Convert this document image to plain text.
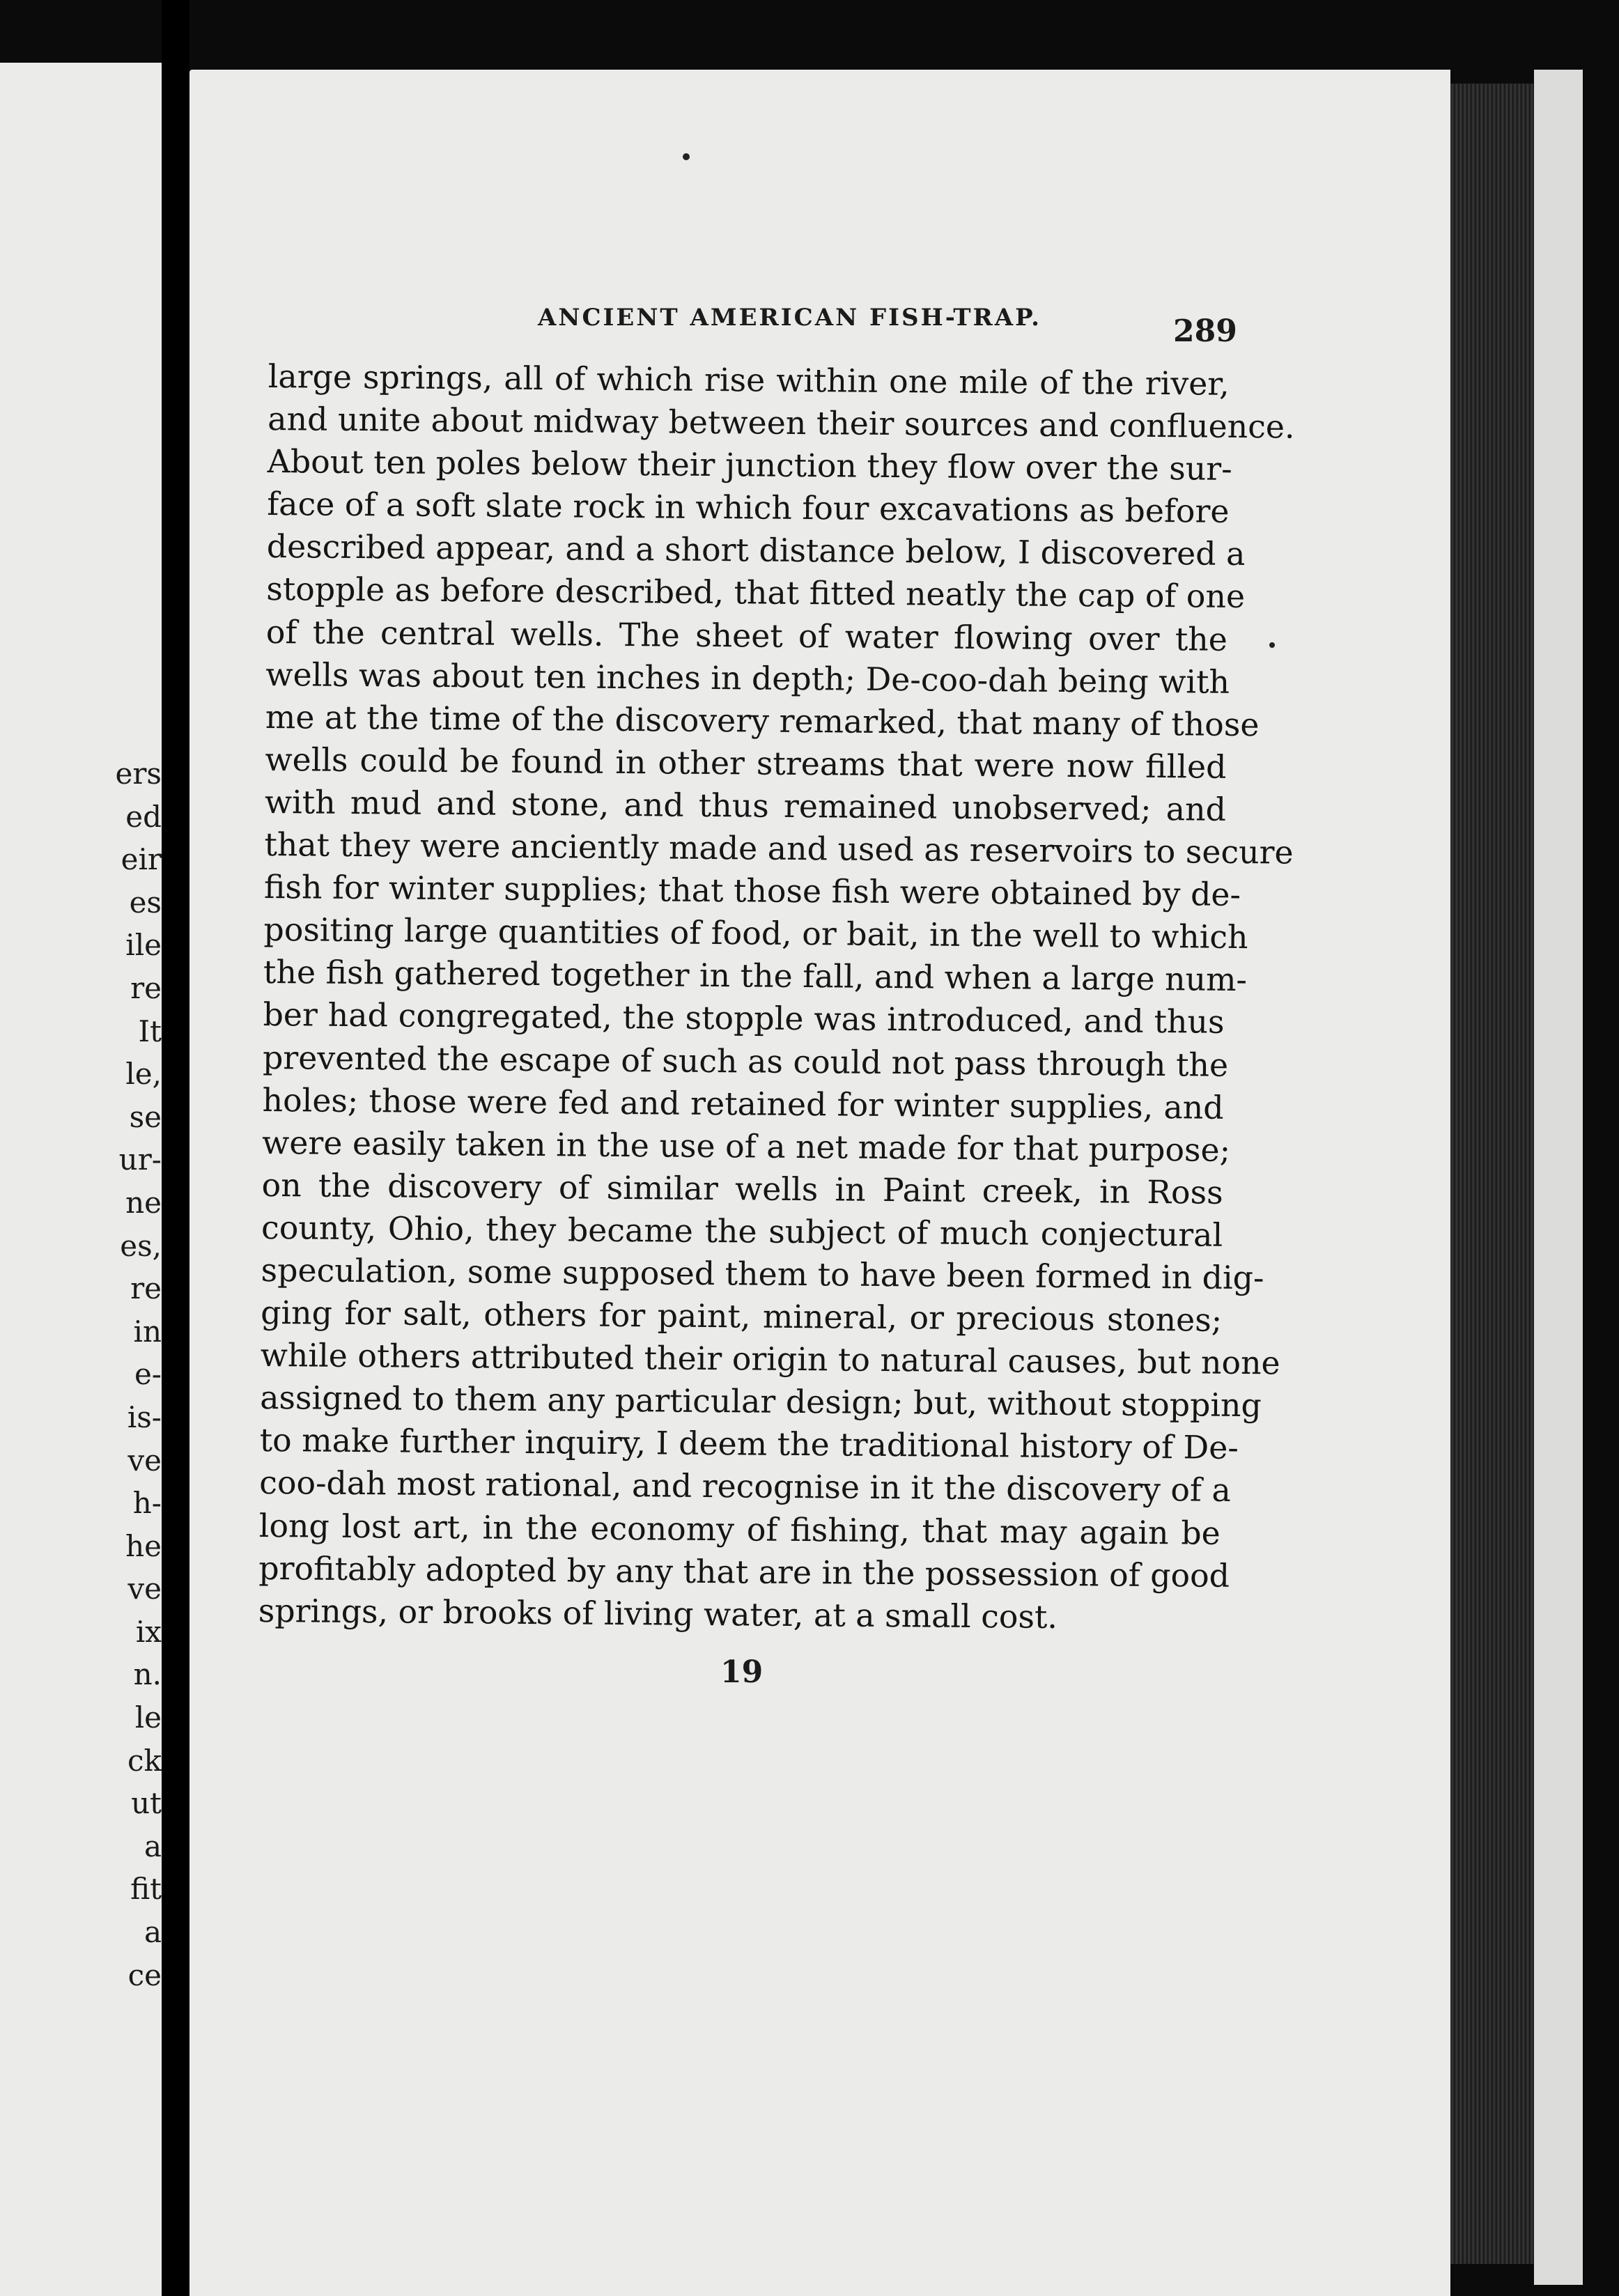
ers
ed
eir
es
ile
re
It
le,
se
ur-
ne
es,
re
in
e-
is-
ve
h-
he
ve
ix
n.
le
ck
ut
a
fit
a
ce
ANCIENT AMERICAN FISH-TRAP.	289
large springs, all of which rise within one mile of the river,
and unite about midway between their sources and confluence.
About ten poles below their junction they flow over the sur-
face of a soft slate rock in which four excavations as before
described appear, and a short distance below, I discovered a
stopple as before described, that fitted neatly the cap of one
of the central wells. The sheet of water flowing over the
wells was about ten inches in depth; De-coo-dah being with
me at the time of the discovery remarked, that many of those
wells could be found in other streams that were now filled
with mud and stone, and thus remained unobserved; and
that they were anciently made and used as reservoirs to secure
fish for winter supplies; that those fish were obtained by de-
positing large quantities of food, or bait, in the well to which
the fish gathered together in the fall, and when a large num-
ber had congregated, the stopple was introduced, and thus
prevented the escape of such as could not pass through the
holes; those were fed and retained for winter supplies, and
were easily taken in the use of a net made for that purpose;
on the discovery of similar wells in Paint creek, in Ross
county, Ohio, they became the subject of much conjectural
speculation, some supposed them to have been formed in dig-
ging for salt, others for paint, mineral, or precious stones;
while others attributed their origin to natural causes, but none
assigned to them any particular design; but, without stopping
to make further inquiry, I deem the traditional history of De-
coo-dah most rational, and recognise in it the discovery of a
long lost art, in the economy of fishing, that may again be
profitably adopted by any that are in the possession of good
springs, or brooks of living water, at a small cost.
19
